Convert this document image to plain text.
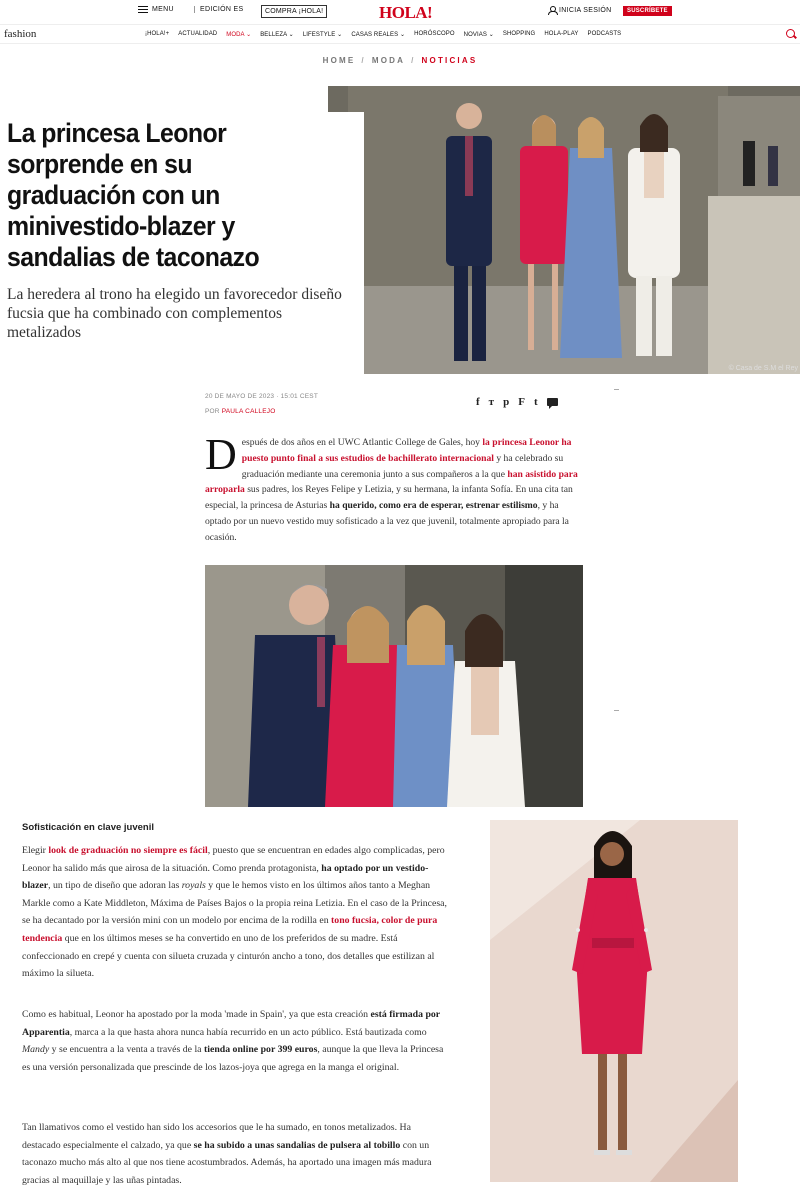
MENU	EDICIÓN ES	COMPRA ¡HOLA!	HOLA!	INICIA SESIÓN	SUSCRÍBETE
fashion	¡HOLA!+ ACTUALIDAD MODA ⌄ BELLEZA ⌄ LIFESTYLE ⌄ CASAS REALES ⌄ HORÓSCOPO NOVIAS ⌄ SHOPPING HOLA-PLAY PODCASTS
HOME / MODA / NOTICIAS
© Casa de S.M el Rey
La princesa Leonor sorprende en su graduación con un minivestido-blazer y sandalias de taconazo

La heredera al trono ha elegido un favorecedor diseño fucsia que ha combinado con complementos metalizados

20 DE MAYO DE 2023 · 15:01 CEST
POR PAULA CALLEJO
f ᴛ p F t
Después de dos años en el UWC Atlantic College de Gales, hoy la princesa Leonor ha puesto punto final a sus estudios de bachillerato internacional y ha celebrado su graduación mediante una ceremonia junto a sus compañeros a la que han asistido para arroparla sus padres, los Reyes Felipe y Letizia, y su hermana, la infanta Sofía. En una cita tan especial, la princesa de Asturias ha querido, como era de esperar, estrenar estilismo, y ha optado por un nuevo vestido muy sofisticado a la vez que juvenil, totalmente apropiado para la ocasión.
Sofisticación en clave juvenil

Elegir look de graduación no siempre es fácil, puesto que se encuentran en edades algo complicadas, pero Leonor ha salido más que airosa de la situación. Como prenda protagonista, ha optado por un vestido-blazer, un tipo de diseño que adoran las royals y que le hemos visto en los últimos años tanto a Meghan Markle como a Kate Middleton, Máxima de Países Bajos o la propia reina Letizia. En el caso de la Princesa, se ha decantado por la versión mini con un modelo por encima de la rodilla en tono fucsia, color de pura tendencia que en los últimos meses se ha convertido en uno de los preferidos de su madre. Está confeccionado en crepé y cuenta con silueta cruzada y cinturón ancho a tono, dos detalles que estilizan al máximo la silueta.

Como es habitual, Leonor ha apostado por la moda 'made in Spain', ya que esta creación está firmada por Apparentia, marca a la que hasta ahora nunca había recurrido en un acto público. Está bautizada como Mandy y se encuentra a la venta a través de la tienda online por 399 euros, aunque la que lleva la Princesa es una versión personalizada que prescinde de los lazos-joya que agrega en la manga el original.

Tan llamativos como el vestido han sido los accesorios que le ha sumado, en tonos metalizados. Ha destacado especialmente el calzado, ya que se ha subido a unas sandalias de pulsera al tobillo con un taconazo mucho más alto al que nos tiene acostumbrados. Además, ha aportado una imagen más madura gracias al maquillaje y las uñas pintadas.
